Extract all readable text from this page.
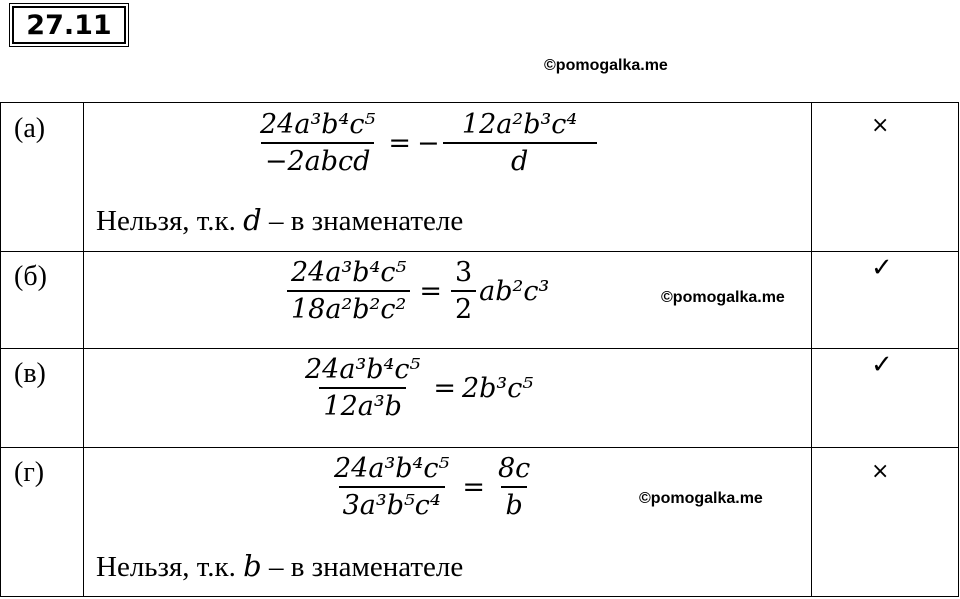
27.11
©pomogalka.me
©pomogalka.me
©pomogalka.me
(а)	$\frac{\text{24a³b⁴c⁵}}{\text{−2abcd}}$ = − $\frac{\text{12a²b³c⁴}}{d}$
Нельзя, т.к. d – в знаменателе
×
(б)	$\frac{\text{24a³b⁴c⁵}}{\text{18a²b²c²}} = \frac{3}{2} ab^2c^3$
✓
(в)	$\frac{\text{24a³b⁴c⁵}}{\text{12a³b}} = 2b^3c^5$
✓
(г)	$\frac{\text{24a³b⁴c⁵}}{\text{3a³b⁵c⁴}} = \frac{8c}{b}$
Нельзя, т.к. b – в знаменателе
×
